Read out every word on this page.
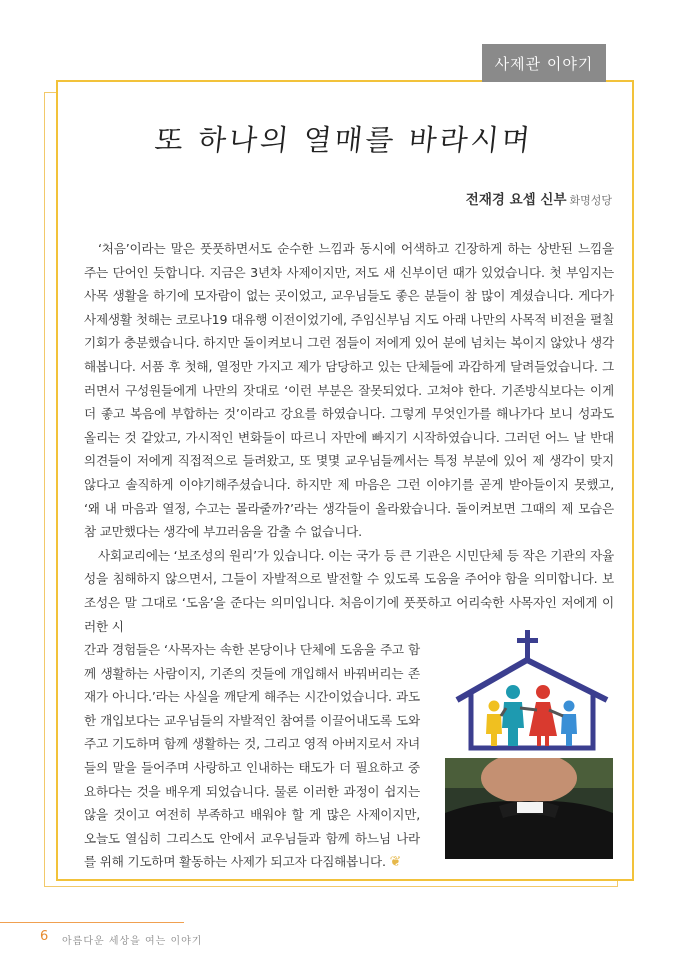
사제관 이야기
또 하나의 열매를 바라시며
전재경 요셉 신부 화명성당

‘처음’이라는 말은 풋풋하면서도 순수한 느낌과 동시에 어색하고 긴장하게 하는 상반된 느낌을 주는 단어인 듯합니다. 지금은 3년차 사제이지만, 저도 새 신부이던 때가 있었습니다. 첫 부임지는 사목 생활을 하기에 모자람이 없는 곳이었고, 교우님들도 좋은 분들이 참 많이 계셨습니다. 게다가 사제생활 첫해는 코로나19 대유행 이전이었기에, 주임신부님 지도 아래 나만의 사목적 비전을 펼칠 기회가 충분했습니다. 하지만 돌이켜보니 그런 점들이 저에게 있어 분에 넘치는 복이지 않았나 생각해봅니다. 서품 후 첫해, 열정만 가지고 제가 담당하고 있는 단체들에 과감하게 달려들었습니다. 그러면서 구성원들에게 나만의 잣대로 ‘이런 부분은 잘못되었다. 고쳐야 한다. 기존방식보다는 이게 더 좋고 복음에 부합하는 것’이라고 강요를 하였습니다. 그렇게 무엇인가를 해나가다 보니 성과도 올리는 것 같았고, 가시적인 변화들이 따르니 자만에 빠지기 시작하였습니다. 그러던 어느 날 반대 의견들이 저에게 직접적으로 들려왔고, 또 몇몇 교우님들께서는 특정 부분에 있어 제 생각이 맞지 않다고 솔직하게 이야기해주셨습니다. 하지만 제 마음은 그런 이야기를 곧게 받아들이지 못했고, ‘왜 내 마음과 열정, 수고는 몰라줄까?’라는 생각들이 올라왔습니다. 돌이켜보면 그때의 제 모습은 참 교만했다는 생각에 부끄러움을 감출 수 없습니다.

사회교리에는 ‘보조성의 원리’가 있습니다. 이는 국가 등 큰 기관은 시민단체 등 작은 기관의 자율성을 침해하지 않으면서, 그들이 자발적으로 발전할 수 있도록 도움을 주어야 함을 의미합니다. 보조성은 말 그대로 ‘도움’을 준다는 의미입니다. 처음이기에 풋풋하고 어리숙한 사목자인 저에게 이러한 시

간과 경험들은 ‘사목자는 속한 본당이나 단체에 도움을 주고 함께 생활하는 사람이지, 기존의 것들에 개입해서 바꿔버리는 존재가 아니다.’라는 사실을 깨닫게 해주는 시간이었습니다. 과도한 개입보다는 교우님들의 자발적인 참여를 이끌어내도록 도와주고 기도하며 함께 생활하는 것, 그리고 영적 아버지로서 자녀들의 말을 들어주며 사랑하고 인내하는 태도가 더 필요하고 중요하다는 것을 배우게 되었습니다. 물론 이러한 과정이 쉽지는 않을 것이고 여전히 부족하고 배워야 할 게 많은 사제이지만, 오늘도 열심히 그리스도 안에서 교우님들과 함께 하느님 나라를 위해 기도하며 활동하는 사제가 되고자 다짐해봅니다. ❦
6 아름다운 세상을 여는 이야기
